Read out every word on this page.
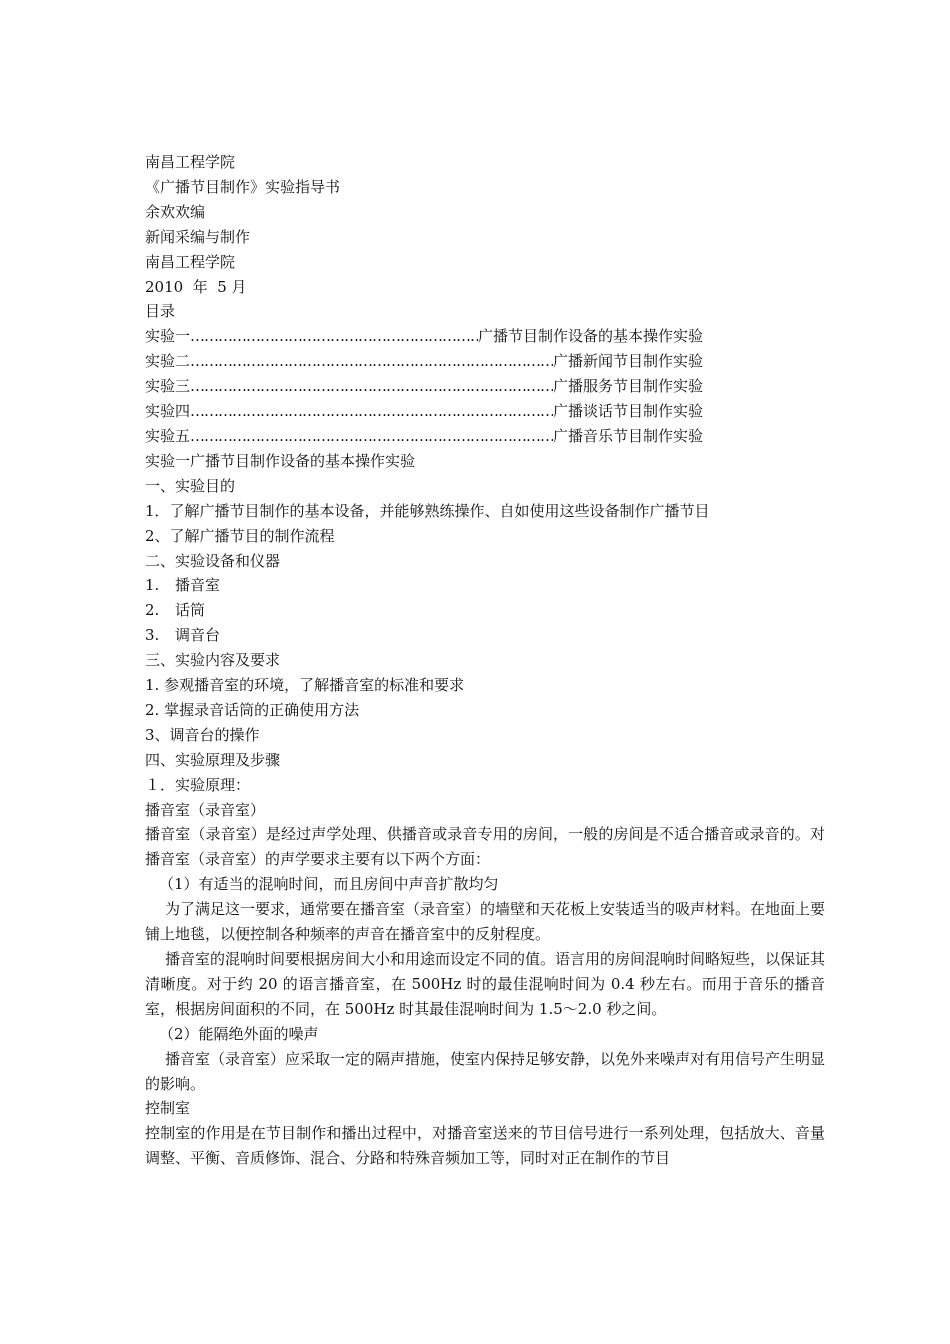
南昌工程学院
《广播节目制作》实验指导书
余欢欢编
新闻采编与制作
南昌工程学院
2010  年  5 月
目录
实验一 ……………………………………………………………………………………………………………………………………	广播节目制作设备的基本操作实验
实验二 ……………………………………………………………………………………………………………………………………	广播新闻节目制作实验
实验三 ……………………………………………………………………………………………………………………………………	广播服务节目制作实验
实验四 ……………………………………………………………………………………………………………………………………	广播谈话节目制作实验
实验五 ……………………………………………………………………………………………………………………………………	广播音乐节目制作实验
实验一广播节目制作设备的基本操作实验
一、实验目的
1．了解广播节目制作的基本设备，并能够熟练操作、自如使用这些设备制作广播节目
2、了解广播节目的制作流程
二、实验设备和仪器
1. 播音室
2. 话筒
3. 调音台
三、实验内容及要求
1. 参观播音室的环境，了解播音室的标准和要求
2. 掌握录音话筒的正确使用方法
3、调音台的操作
四、实验原理及步骤
１．实验原理：
播音室（录音室）
播音室（录音室）是经过声学处理、供播音或录音专用的房间，一般的房间是不适合播音或录音的。对播音室（录音室）的声学要求主要有以下两个方面：
（1）有适当的混响时间，而且房间中声音扩散均匀
为了满足这一要求，通常要在播音室（录音室）的墙壁和天花板上安装适当的吸声材料。在地面上要铺上地毯，以便控制各种频率的声音在播音室中的反射程度。
播音室的混响时间要根据房间大小和用途而设定不同的值。语言用的房间混响时间略短些，以保证其清晰度。对于约 20 的语言播音室，在 500Hz 时的最佳混响时间为 0.4 秒左右。而用于音乐的播音室，根据房间面积的不同，在 500Hz 时其最佳混响时间为 1.5～2.0 秒之间。
（2）能隔绝外面的噪声
播音室（录音室）应采取一定的隔声措施，使室内保持足够安静，以免外来噪声对有用信号产生明显的影响。
控制室
控制室的作用是在节目制作和播出过程中，对播音室送来的节目信号进行一系列处理，包括放大、音量调整、平衡、音质修饰、混合、分路和特殊音频加工等，同时对正在制作的节目
